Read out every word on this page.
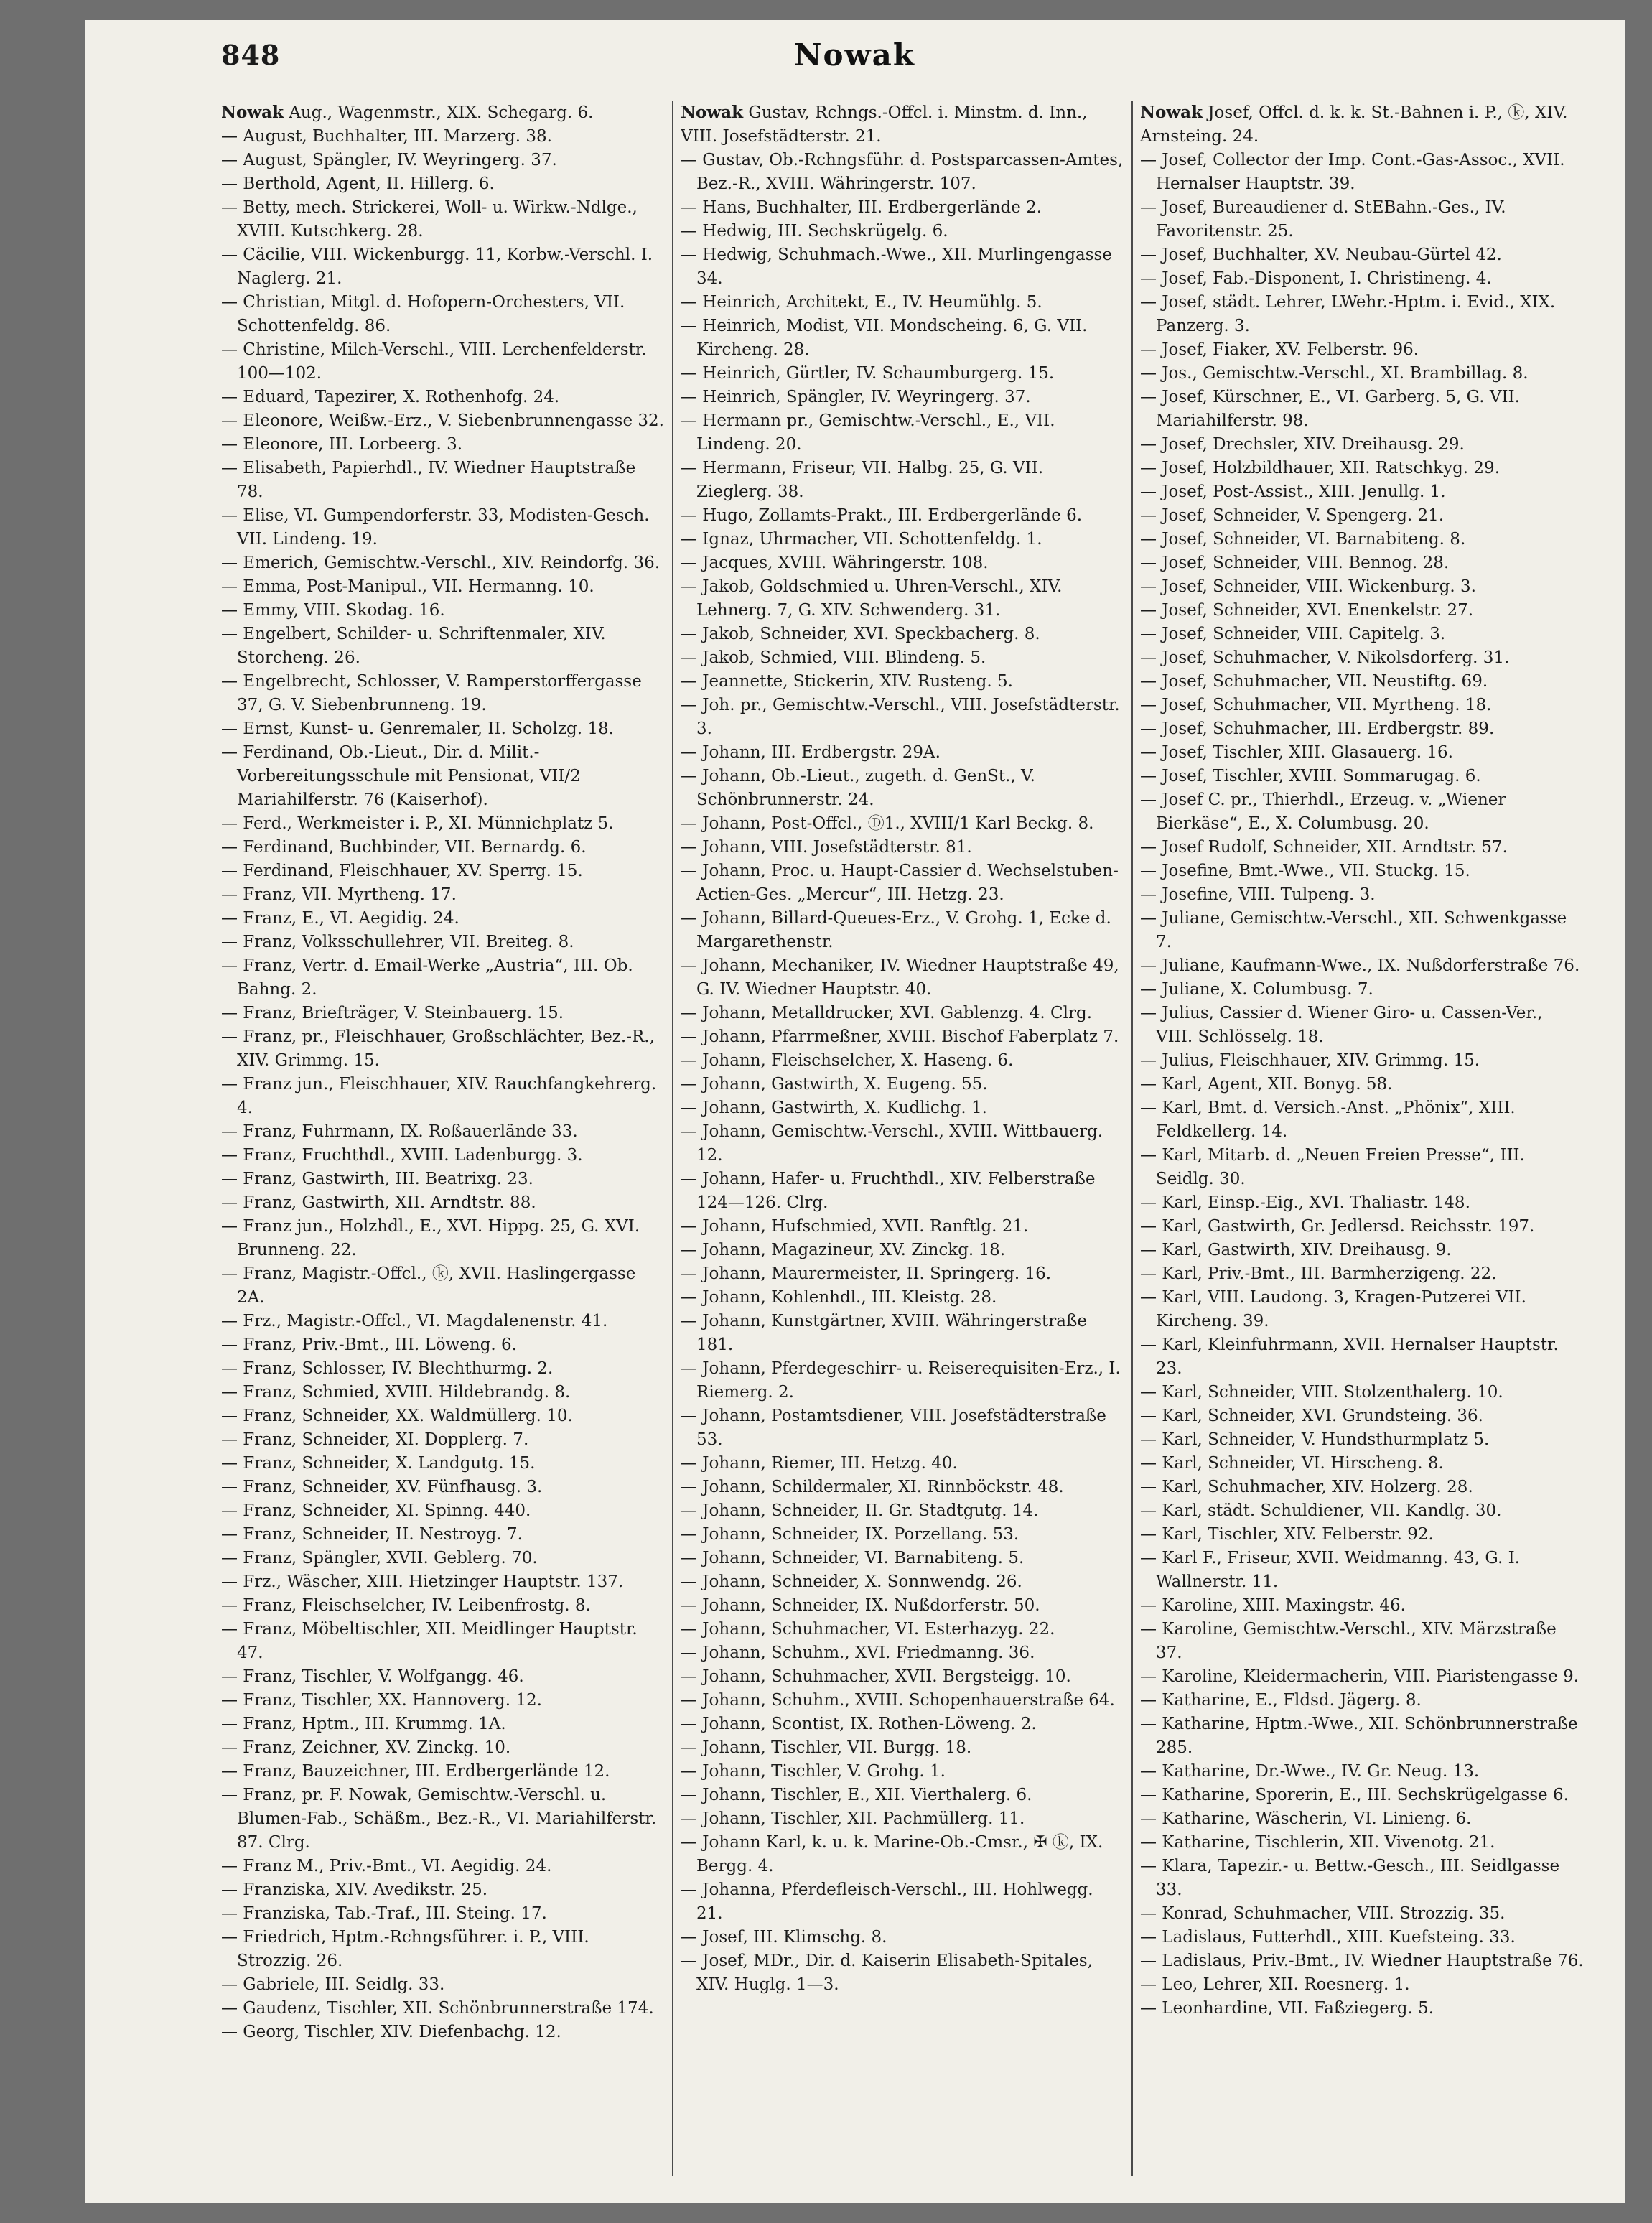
848	Nowak

Nowak Aug., Wagenmstr., XIX. Schegarg. 6.

— August, Buchhalter, III. Marzerg. 38.

— August, Spängler, IV. Weyringerg. 37.

— Berthold, Agent, II. Hillerg. 6.

— Betty, mech. Strickerei, Woll- u. Wirkw.-Ndlge., XVIII. Kutschkerg. 28.

— Cäcilie, VIII. Wickenburgg. 11, Korbw.-Verschl. I. Naglerg. 21.

— Christian, Mitgl. d. Hofopern-Orchesters, VII. Schottenfeldg. 86.

— Christine, Milch-Verschl., VIII. Lerchenfelderstr. 100—102.

— Eduard, Tapezirer, X. Rothenhofg. 24.

— Eleonore, Weißw.-Erz., V. Siebenbrunnengasse 32.

— Eleonore, III. Lorbeerg. 3.

— Elisabeth, Papierhdl., IV. Wiedner Hauptstraße 78.

— Elise, VI. Gumpendorferstr. 33, Modisten-Gesch. VII. Lindeng. 19.

— Emerich, Gemischtw.-Verschl., XIV. Reindorfg. 36.

— Emma, Post-Manipul., VII. Hermanng. 10.

— Emmy, VIII. Skodag. 16.

— Engelbert, Schilder- u. Schriftenmaler, XIV. Storcheng. 26.

— Engelbrecht, Schlosser, V. Ramperstorffergasse 37, G. V. Siebenbrunneng. 19.

— Ernst, Kunst- u. Genremaler, II. Scholzg. 18.

— Ferdinand, Ob.-Lieut., Dir. d. Milit.-Vorbereitungsschule mit Pensionat, VII/2 Mariahilferstr. 76 (Kaiserhof).

— Ferd., Werkmeister i. P., XI. Münnichplatz 5.

— Ferdinand, Buchbinder, VII. Bernardg. 6.

— Ferdinand, Fleischhauer, XV. Sperrg. 15.

— Franz, VII. Myrtheng. 17.

— Franz, E., VI. Aegidig. 24.

— Franz, Volksschullehrer, VII. Breiteg. 8.

— Franz, Vertr. d. Email-Werke „Austria“, III. Ob. Bahng. 2.

— Franz, Briefträger, V. Steinbauerg. 15.

— Franz, pr., Fleischhauer, Großschlächter, Bez.-R., XIV. Grimmg. 15.

— Franz jun., Fleischhauer, XIV. Rauchfangkehrerg. 4.

— Franz, Fuhrmann, IX. Roßauerlände 33.

— Franz, Fruchthdl., XVIII. Ladenburgg. 3.

— Franz, Gastwirth, III. Beatrixg. 23.

— Franz, Gastwirth, XII. Arndtstr. 88.

— Franz jun., Holzhdl., E., XVI. Hippg. 25, G. XVI. Brunneng. 22.

— Franz, Magistr.-Offcl., ⓚ, XVII. Haslingergasse 2A.

— Frz., Magistr.-Offcl., VI. Magdalenenstr. 41.

— Franz, Priv.-Bmt., III. Löweng. 6.

— Franz, Schlosser, IV. Blechthurmg. 2.

— Franz, Schmied, XVIII. Hildebrandg. 8.

— Franz, Schneider, XX. Waldmüllerg. 10.

— Franz, Schneider, XI. Dopplerg. 7.

— Franz, Schneider, X. Landgutg. 15.

— Franz, Schneider, XV. Fünfhausg. 3.

— Franz, Schneider, XI. Spinng. 440.

— Franz, Schneider, II. Nestroyg. 7.

— Franz, Spängler, XVII. Geblerg. 70.

— Frz., Wäscher, XIII. Hietzinger Hauptstr. 137.

— Franz, Fleischselcher, IV. Leibenfrostg. 8.

— Franz, Möbeltischler, XII. Meidlinger Hauptstr. 47.

— Franz, Tischler, V. Wolfgangg. 46.

— Franz, Tischler, XX. Hannoverg. 12.

— Franz, Hptm., III. Krummg. 1A.

— Franz, Zeichner, XV. Zinckg. 10.

— Franz, Bauzeichner, III. Erdbergerlände 12.

— Franz, pr. F. Nowak, Gemischtw.-Verschl. u. Blumen-Fab., Schäßm., Bez.-R., VI. Mariahilferstr. 87. Clrg.

— Franz M., Priv.-Bmt., VI. Aegidig. 24.

— Franziska, XIV. Avedikstr. 25.

— Franziska, Tab.-Traf., III. Steing. 17.

— Friedrich, Hptm.-Rchngsführer. i. P., VIII. Strozzig. 26.

— Gabriele, III. Seidlg. 33.

— Gaudenz, Tischler, XII. Schönbrunnerstraße 174.

— Georg, Tischler, XIV. Diefenbachg. 12.

Nowak Gustav, Rchngs.-Offcl. i. Minstm. d. Inn., VIII. Josefstädterstr. 21.

— Gustav, Ob.-Rchngsführ. d. Postsparcassen-Amtes, Bez.-R., XVIII. Währingerstr. 107.

— Hans, Buchhalter, III. Erdbergerlände 2.

— Hedwig, III. Sechskrügelg. 6.

— Hedwig, Schuhmach.-Wwe., XII. Murlingengasse 34.

— Heinrich, Architekt, E., IV. Heumühlg. 5.

— Heinrich, Modist, VII. Mondscheing. 6, G. VII. Kircheng. 28.

— Heinrich, Gürtler, IV. Schaumburgerg. 15.

— Heinrich, Spängler, IV. Weyringerg. 37.

— Hermann pr., Gemischtw.-Verschl., E., VII. Lindeng. 20.

— Hermann, Friseur, VII. Halbg. 25, G. VII. Zieglerg. 38.

— Hugo, Zollamts-Prakt., III. Erdbergerlände 6.

— Ignaz, Uhrmacher, VII. Schottenfeldg. 1.

— Jacques, XVIII. Währingerstr. 108.

— Jakob, Goldschmied u. Uhren-Verschl., XIV. Lehnerg. 7, G. XIV. Schwenderg. 31.

— Jakob, Schneider, XVI. Speckbacherg. 8.

— Jakob, Schmied, VIII. Blindeng. 5.

— Jeannette, Stickerin, XIV. Rusteng. 5.

— Joh. pr., Gemischtw.-Verschl., VIII. Josefstädterstr. 3.

— Johann, III. Erdbergstr. 29A.

— Johann, Ob.-Lieut., zugeth. d. GenSt., V. Schönbrunnerstr. 24.

— Johann, Post-Offcl., Ⓓ1., XVIII/1 Karl Beckg. 8.

— Johann, VIII. Josefstädterstr. 81.

— Johann, Proc. u. Haupt-Cassier d. Wechselstuben-Actien-Ges. „Mercur“, III. Hetzg. 23.

— Johann, Billard-Queues-Erz., V. Grohg. 1, Ecke d. Margarethenstr.

— Johann, Mechaniker, IV. Wiedner Hauptstraße 49, G. IV. Wiedner Hauptstr. 40.

— Johann, Metalldrucker, XVI. Gablenzg. 4. Clrg.

— Johann, Pfarrmeßner, XVIII. Bischof Faberplatz 7.

— Johann, Fleischselcher, X. Haseng. 6.

— Johann, Gastwirth, X. Eugeng. 55.

— Johann, Gastwirth, X. Kudlichg. 1.

— Johann, Gemischtw.-Verschl., XVIII. Wittbauerg. 12.

— Johann, Hafer- u. Fruchthdl., XIV. Felberstraße 124—126. Clrg.

— Johann, Hufschmied, XVII. Ranftlg. 21.

— Johann, Magazineur, XV. Zinckg. 18.

— Johann, Maurermeister, II. Springerg. 16.

— Johann, Kohlenhdl., III. Kleistg. 28.

— Johann, Kunstgärtner, XVIII. Währingerstraße 181.

— Johann, Pferdegeschirr- u. Reiserequisiten-Erz., I. Riemerg. 2.

— Johann, Postamtsdiener, VIII. Josefstädterstraße 53.

— Johann, Riemer, III. Hetzg. 40.

— Johann, Schildermaler, XI. Rinnböckstr. 48.

— Johann, Schneider, II. Gr. Stadtgutg. 14.

— Johann, Schneider, IX. Porzellang. 53.

— Johann, Schneider, VI. Barnabiteng. 5.

— Johann, Schneider, X. Sonnwendg. 26.

— Johann, Schneider, IX. Nußdorferstr. 50.

— Johann, Schuhmacher, VI. Esterhazyg. 22.

— Johann, Schuhm., XVI. Friedmanng. 36.

— Johann, Schuhmacher, XVII. Bergsteigg. 10.

— Johann, Schuhm., XVIII. Schopenhauerstraße 64.

— Johann, Scontist, IX. Rothen-Löweng. 2.

— Johann, Tischler, VII. Burgg. 18.

— Johann, Tischler, V. Grohg. 1.

— Johann, Tischler, E., XII. Vierthalerg. 6.

— Johann, Tischler, XII. Pachmüllerg. 11.

— Johann Karl, k. u. k. Marine-Ob.-Cmsr., ✠ ⓚ, IX. Bergg. 4.

— Johanna, Pferdefleisch-Verschl., III. Hohlwegg. 21.

— Josef, III. Klimschg. 8.

— Josef, MDr., Dir. d. Kaiserin Elisabeth-Spitales, XIV. Huglg. 1—3.

Nowak Josef, Offcl. d. k. k. St.-Bahnen i. P., ⓚ, XIV. Arnsteing. 24.

— Josef, Collector der Imp. Cont.-Gas-Assoc., XVII. Hernalser Hauptstr. 39.

— Josef, Bureaudiener d. StEBahn.-Ges., IV. Favoritenstr. 25.

— Josef, Buchhalter, XV. Neubau-Gürtel 42.

— Josef, Fab.-Disponent, I. Christineng. 4.

— Josef, städt. Lehrer, LWehr.-Hptm. i. Evid., XIX. Panzerg. 3.

— Josef, Fiaker, XV. Felberstr. 96.

— Jos., Gemischtw.-Verschl., XI. Brambillag. 8.

— Josef, Kürschner, E., VI. Garberg. 5, G. VII. Mariahilferstr. 98.

— Josef, Drechsler, XIV. Dreihausg. 29.

— Josef, Holzbildhauer, XII. Ratschkyg. 29.

— Josef, Post-Assist., XIII. Jenullg. 1.

— Josef, Schneider, V. Spengerg. 21.

— Josef, Schneider, VI. Barnabiteng. 8.

— Josef, Schneider, VIII. Bennog. 28.

— Josef, Schneider, VIII. Wickenburg. 3.

— Josef, Schneider, XVI. Enenkelstr. 27.

— Josef, Schneider, VIII. Capitelg. 3.

— Josef, Schuhmacher, V. Nikolsdorferg. 31.

— Josef, Schuhmacher, VII. Neustiftg. 69.

— Josef, Schuhmacher, VII. Myrtheng. 18.

— Josef, Schuhmacher, III. Erdbergstr. 89.

— Josef, Tischler, XIII. Glasauerg. 16.

— Josef, Tischler, XVIII. Sommarugag. 6.

— Josef C. pr., Thierhdl., Erzeug. v. „Wiener Bierkäse“, E., X. Columbusg. 20.

— Josef Rudolf, Schneider, XII. Arndtstr. 57.

— Josefine, Bmt.-Wwe., VII. Stuckg. 15.

— Josefine, VIII. Tulpeng. 3.

— Juliane, Gemischtw.-Verschl., XII. Schwenkgasse 7.

— Juliane, Kaufmann-Wwe., IX. Nußdorferstraße 76.

— Juliane, X. Columbusg. 7.

— Julius, Cassier d. Wiener Giro- u. Cassen-Ver., VIII. Schlösselg. 18.

— Julius, Fleischhauer, XIV. Grimmg. 15.

— Karl, Agent, XII. Bonyg. 58.

— Karl, Bmt. d. Versich.-Anst. „Phönix“, XIII. Feldkellerg. 14.

— Karl, Mitarb. d. „Neuen Freien Presse“, III. Seidlg. 30.

— Karl, Einsp.-Eig., XVI. Thaliastr. 148.

— Karl, Gastwirth, Gr. Jedlersd. Reichsstr. 197.

— Karl, Gastwirth, XIV. Dreihausg. 9.

— Karl, Priv.-Bmt., III. Barmherzigeng. 22.

— Karl, VIII. Laudong. 3, Kragen-Putzerei VII. Kircheng. 39.

— Karl, Kleinfuhrmann, XVII. Hernalser Hauptstr. 23.

— Karl, Schneider, VIII. Stolzenthalerg. 10.

— Karl, Schneider, XVI. Grundsteing. 36.

— Karl, Schneider, V. Hundsthurmplatz 5.

— Karl, Schneider, VI. Hirscheng. 8.

— Karl, Schuhmacher, XIV. Holzerg. 28.

— Karl, städt. Schuldiener, VII. Kandlg. 30.

— Karl, Tischler, XIV. Felberstr. 92.

— Karl F., Friseur, XVII. Weidmanng. 43, G. I. Wallnerstr. 11.

— Karoline, XIII. Maxingstr. 46.

— Karoline, Gemischtw.-Verschl., XIV. Märzstraße 37.

— Karoline, Kleidermacherin, VIII. Piaristengasse 9.

— Katharine, E., Fldsd. Jägerg. 8.

— Katharine, Hptm.-Wwe., XII. Schönbrunnerstraße 285.

— Katharine, Dr.-Wwe., IV. Gr. Neug. 13.

— Katharine, Sporerin, E., III. Sechskrügelgasse 6.

— Katharine, Wäscherin, VI. Linieng. 6.

— Katharine, Tischlerin, XII. Vivenotg. 21.

— Klara, Tapezir.- u. Bettw.-Gesch., III. Seidlgasse 33.

— Konrad, Schuhmacher, VIII. Strozzig. 35.

— Ladislaus, Futterhdl., XIII. Kuefsteing. 33.

— Ladislaus, Priv.-Bmt., IV. Wiedner Hauptstraße 76.

— Leo, Lehrer, XII. Roesnerg. 1.

— Leonhardine, VII. Faßziegerg. 5.
